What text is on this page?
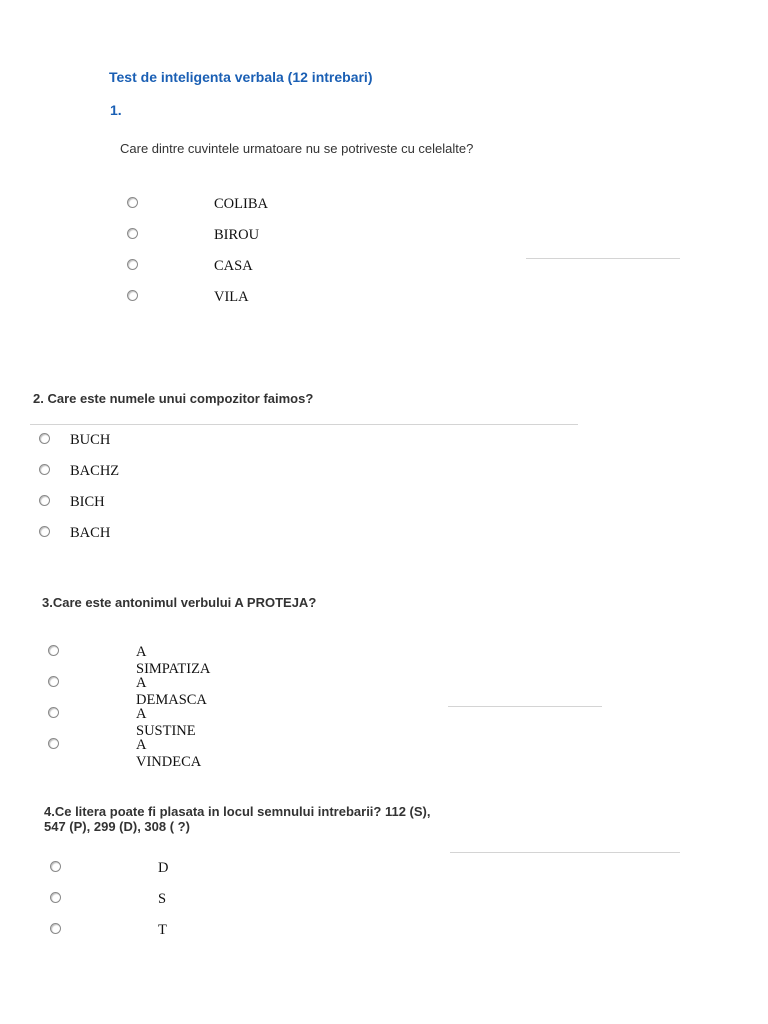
Test de inteligenta verbala (12 intrebari)
1.
Care dintre cuvintele urmatoare nu se potriveste cu celelalte?
COLIBA
BIROU
CASA
VILA
2. Care este numele unui compozitor faimos?
BUCH
BACHZ
BICH
BACH
3.Care este antonimul verbului A PROTEJA?
A SIMPATIZA
A DEMASCA
A SUSTINE
A VINDECA
4.Ce litera poate fi plasata in locul semnului intrebarii? 112 (S), 547 (P), 299 (D), 308 ( ?)
D
S
T
